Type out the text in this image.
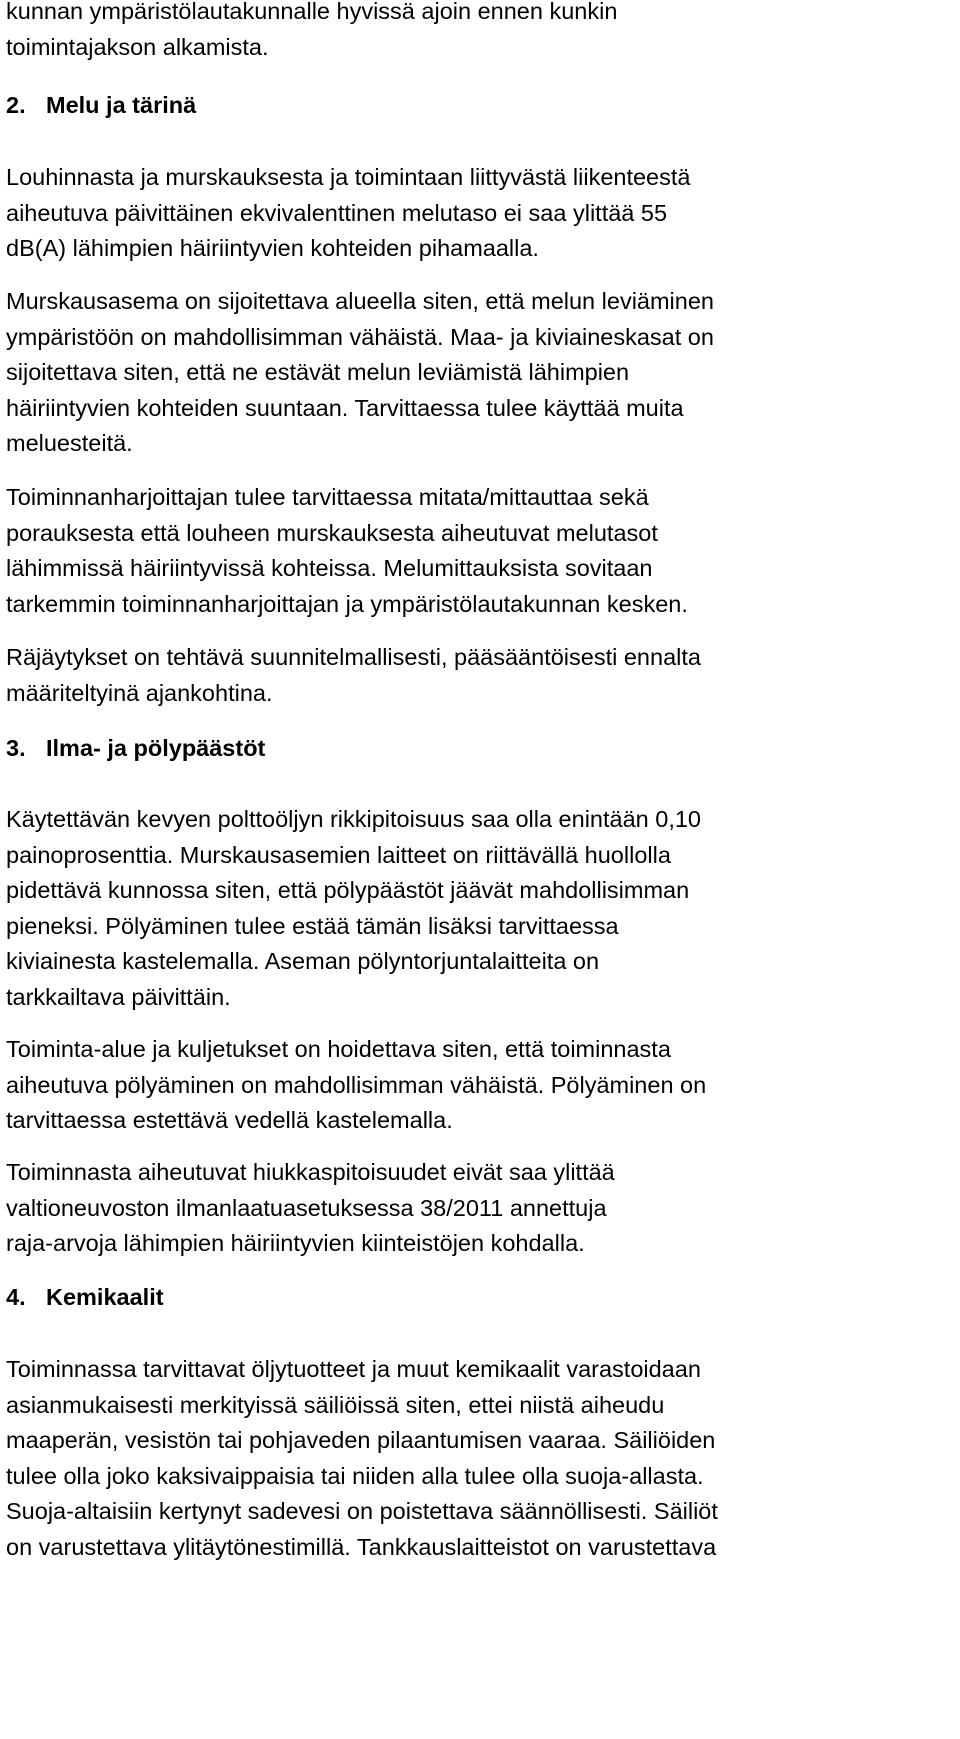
kunnan ympäristölautakunnalle hyvissä ajoin ennen kunkin
toimintajakson alkamista.

2. Melu ja tärinä

Louhinnasta ja murskauksesta ja toimintaan liittyvästä liikenteestä
aiheutuva päivittäinen ekvivalenttinen melutaso ei saa ylittää 55
dB(A) lähimpien häiriintyvien kohteiden pihamaalla.

Murskausasema on sijoitettava alueella siten, että melun leviäminen
ympäristöön on mahdollisimman vähäistä. Maa- ja kiviaineskasat on
sijoitettava siten, että ne estävät melun leviämistä lähimpien
häiriintyvien kohteiden suuntaan. Tarvittaessa tulee käyttää muita
meluesteitä.

Toiminnanharjoittajan tulee tarvittaessa mitata/mittauttaa sekä
porauksesta että louheen murskauksesta aiheutuvat melutasot
lähimmissä häiriintyvissä kohteissa. Melumittauksista sovitaan
tarkemmin toiminnanharjoittajan ja ympäristölautakunnan kesken.

Räjäytykset on tehtävä suunnitelmallisesti, pääsääntöisesti ennalta
määriteltyinä ajankohtina.

3. Ilma- ja pölypäästöt

Käytettävän kevyen polttoöljyn rikkipitoisuus saa olla enintään 0,10
painoprosenttia. Murskausasemien laitteet on riittävällä huollolla
pidettävä kunnossa siten, että pölypäästöt jäävät mahdollisimman
pieneksi. Pölyäminen tulee estää tämän lisäksi tarvittaessa
kiviainesta kastelemalla. Aseman pölyntorjuntalaitteita on
tarkkailtava päivittäin.

Toiminta-alue ja kuljetukset on hoidettava siten, että toiminnasta
aiheutuva pölyäminen on mahdollisimman vähäistä. Pölyäminen on
tarvittaessa estettävä vedellä kastelemalla.

Toiminnasta aiheutuvat hiukkaspitoisuudet eivät saa ylittää
valtioneuvoston ilmanlaatuasetuksessa 38/2011 annettuja
raja-arvoja lähimpien häiriintyvien kiinteistöjen kohdalla.

4. Kemikaalit

Toiminnassa tarvittavat öljytuotteet ja muut kemikaalit varastoidaan
asianmukaisesti merkityissä säiliöissä siten, ettei niistä aiheudu
maaperän, vesistön tai pohjaveden pilaantumisen vaaraa. Säiliöiden
tulee olla joko kaksivaippaisia tai niiden alla tulee olla suoja-allasta.
Suoja-altaisiin kertynyt sadevesi on poistettava säännöllisesti. Säiliöt
on varustettava ylitäytönestimillä. Tankkauslaitteistot on varustettava
